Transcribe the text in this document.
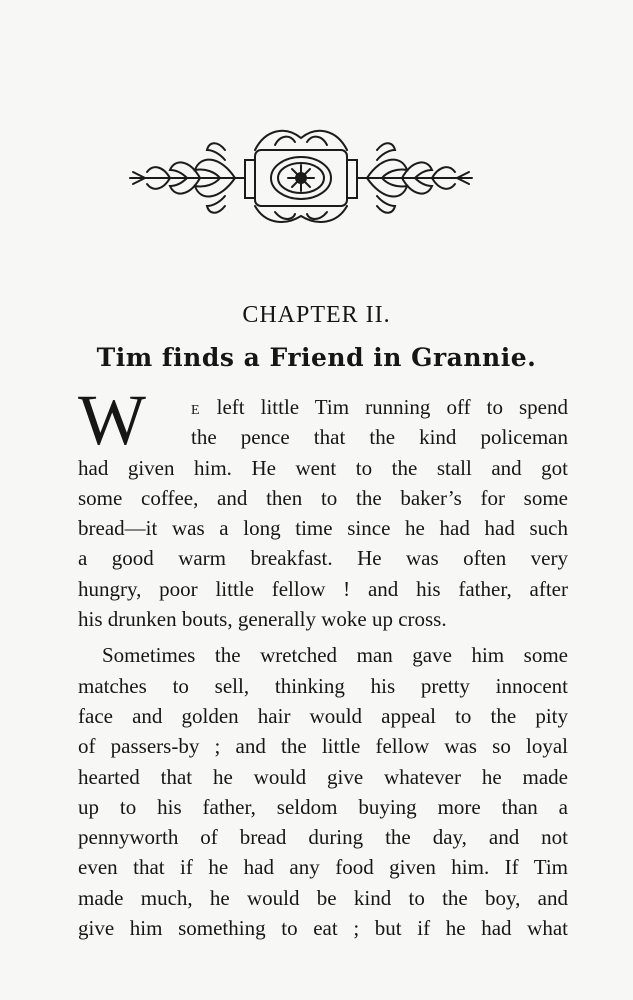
CHAPTER II.
Tim finds a Friend in Grannie.
W	E left little Tim running off to spend
the pence that the kind policeman
had given him. He went to the stall and got
some coffee, and then to the baker’s for some
bread—it was a long time since he had had such
a good warm breakfast. He was often very
hungry, poor little fellow ! and his father, after
his drunken bouts, generally woke up cross.
Sometimes the wretched man gave him some
matches to sell, thinking his pretty innocent
face and golden hair would appeal to the pity
of passers-by ; and the little fellow was so loyal
hearted that he would give whatever he made
up to his father, seldom buying more than a
pennyworth of bread during the day, and not
even that if he had any food given him. If Tim
made much, he would be kind to the boy, and
give him something to eat ; but if he had what
